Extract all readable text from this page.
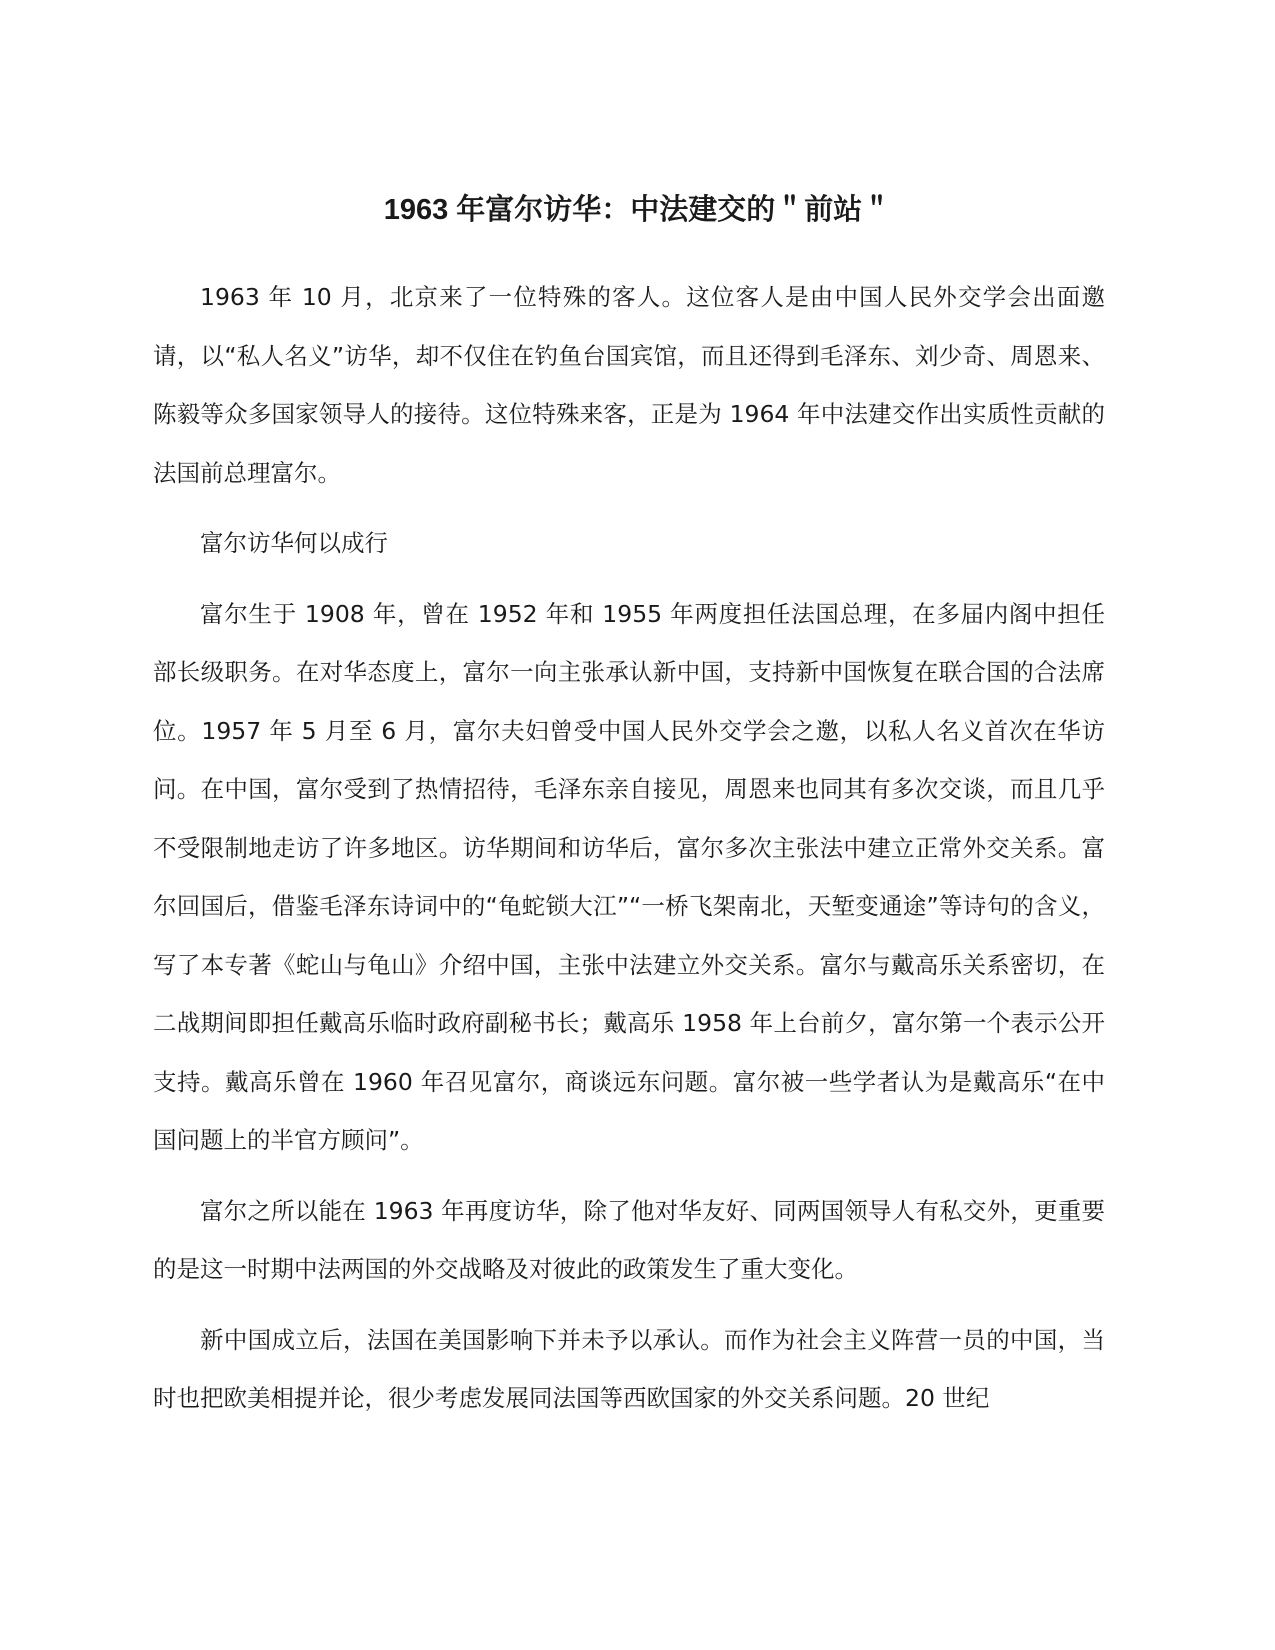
1963 年富尔访华：中法建交的＂前站＂

1963 年 10 月，北京来了一位特殊的客人。这位客人是由中国人民外交学会出面邀请，以“私人名义”访华，却不仅住在钓鱼台国宾馆，而且还得到毛泽东、刘少奇、周恩来、陈毅等众多国家领导人的接待。这位特殊来客，正是为 1964 年中法建交作出实质性贡献的法国前总理富尔。

富尔访华何以成行

富尔生于 1908 年，曾在 1952 年和 1955 年两度担任法国总理，在多届内阁中担任部长级职务。在对华态度上，富尔一向主张承认新中国，支持新中国恢复在联合国的合法席位。1957 年 5 月至 6 月，富尔夫妇曾受中国人民外交学会之邀，以私人名义首次在华访问。在中国，富尔受到了热情招待，毛泽东亲自接见，周恩来也同其有多次交谈，而且几乎不受限制地走访了许多地区。访华期间和访华后，富尔多次主张法中建立正常外交关系。富尔回国后，借鉴毛泽东诗词中的“龟蛇锁大江”“一桥飞架南北，天堑变通途”等诗句的含义，写了本专著《蛇山与龟山》介绍中国，主张中法建立外交关系。富尔与戴高乐关系密切，在二战期间即担任戴高乐临时政府副秘书长；戴高乐 1958 年上台前夕，富尔第一个表示公开支持。戴高乐曾在 1960 年召见富尔，商谈远东问题。富尔被一些学者认为是戴高乐“在中国问题上的半官方顾问”。

富尔之所以能在 1963 年再度访华，除了他对华友好、同两国领导人有私交外，更重要的是这一时期中法两国的外交战略及对彼此的政策发生了重大变化。

新中国成立后，法国在美国影响下并未予以承认。而作为社会主义阵营一员的中国，当时也把欧美相提并论，很少考虑发展同法国等西欧国家的外交关系问题。20 世纪
